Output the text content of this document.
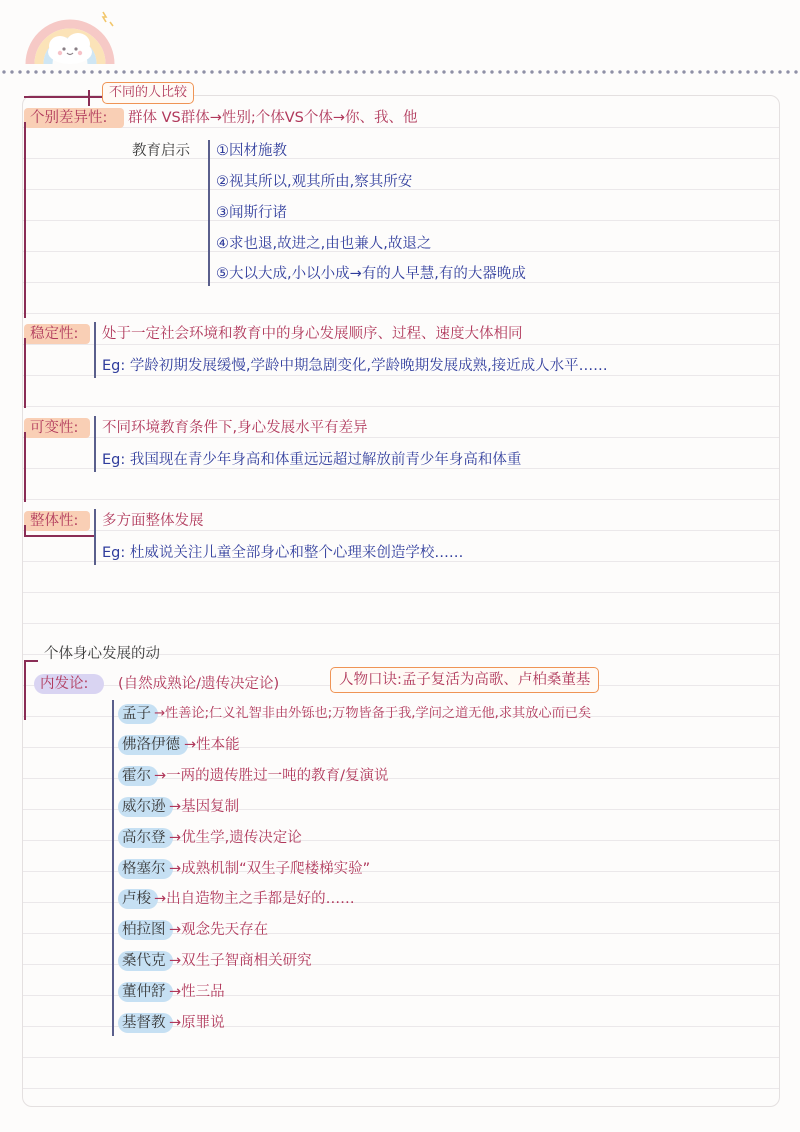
不同的人比较
个别差异性: 群体 VS群体→性别;个体VS个体→你、我、他
教育启示 ①因材施教
②视其所以,观其所由,察其所安
③闻斯行诸
④求也退,故进之,由也兼人,故退之
⑤大以大成,小以小成→有的人早慧,有的大器晚成
稳定性: 处于一定社会环境和教育中的身心发展顺序、过程、速度大体相同
Eg: 学龄初期发展缓慢,学龄中期急剧变化,学龄晚期发展成熟,接近成人水平……
可变性: 不同环境教育条件下,身心发展水平有差异
Eg: 我国现在青少年身高和体重远远超过解放前青少年身高和体重
整体性: 多方面整体发展
Eg: 杜威说关注儿童全部身心和整个心理来创造学校……
个体身心发展的动
内发论: (自然成熟论/遗传决定论)	人物口诀:孟子复活为高歌、卢柏桑董基
孟子 →性善论;仁义礼智非由外铄也;万物皆备于我,学问之道无他,求其放心而已矣
佛洛伊德 →性本能
霍尔 →一两的遗传胜过一吨的教育/复演说
威尔逊 →基因复制
高尔登 →优生学,遗传决定论
格塞尔 →成熟机制“双生子爬楼梯实验”
卢梭 →出自造物主之手都是好的……
柏拉图 →观念先天存在
桑代克 →双生子智商相关研究
董仲舒 →性三品
基督教 →原罪说
